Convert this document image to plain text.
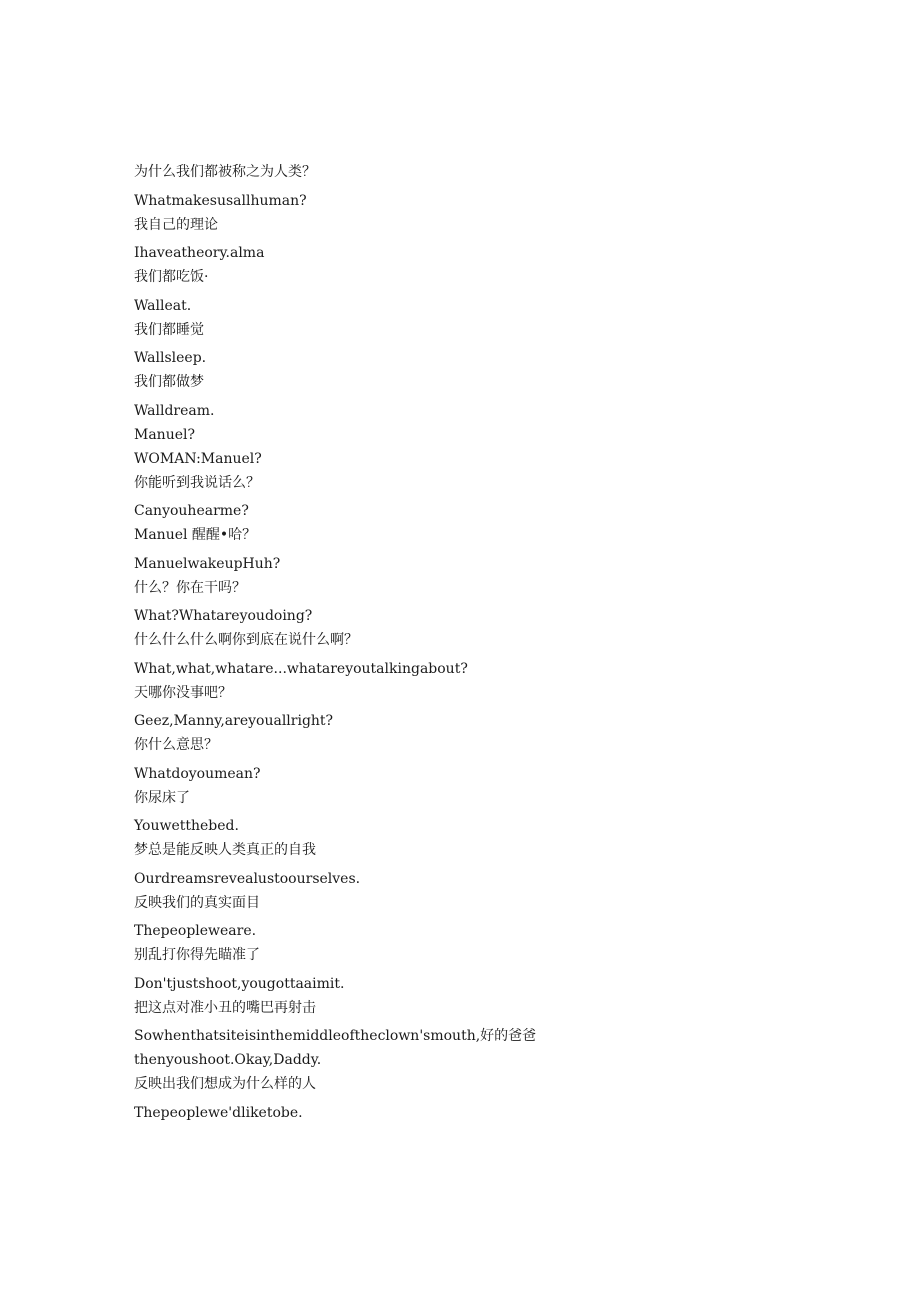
为什么我们都被称之为人类？
Whatmakesusallhuman?
我自己的理论
Ihaveatheory.alma
我们都吃饭·
Walleat.
我们都睡觉
Wallsleep.
我们都做梦
Walldream.
Manuel?
WOMAN:Manuel?
你能听到我说话么？
Canyouhearme?
Manuel 醒醒•哈？
ManuelwakeupHuh?
什么？你在干吗？
What?Whatareyoudoing?
什么什么什么啊你到底在说什么啊？
What,what,whatare...whatareyoutalkingabout?
天哪你没事吧？
Geez,Manny,areyouallright?
你什么意思？
Whatdoyoumean?
你尿床了
Youwetthebed.
梦总是能反映人类真正的自我
Ourdreamsrevealustoourselves.
反映我们的真实面目
Thepeopleweare.
别乱打你得先瞄准了
Don'tjustshoot,yougottaaimit.
把这点对准小丑的嘴巴再射击
Sowhenthatsiteisinthemiddleoftheclown'smouth,好的爸爸
thenyoushoot.Okay,Daddy.
反映出我们想成为什么样的人
Thepeoplewe'dliketobe.
